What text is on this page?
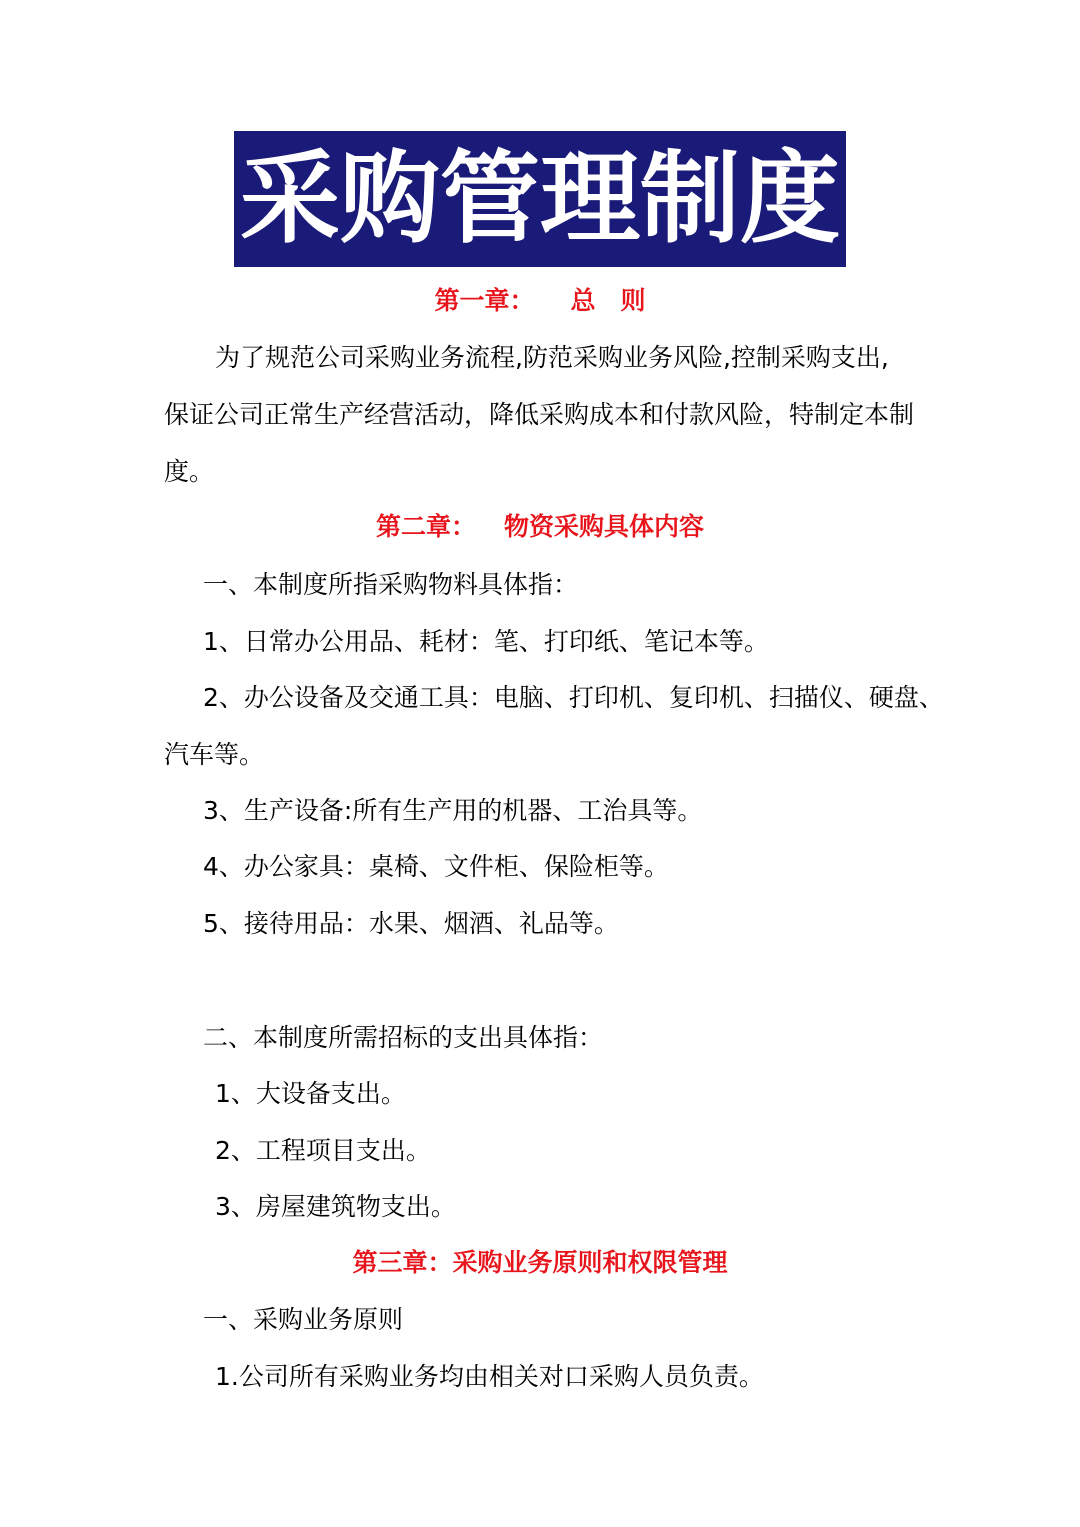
采购管理制度
第一章： 总　则
为了规范公司采购业务流程,防范采购业务风险,控制采购支出,
保证公司正常生产经营活动，降低采购成本和付款风险，特制定本制
度。
第二章： 物资采购具体内容
一、本制度所指采购物料具体指：
1、日常办公用品、耗材：笔、打印纸、笔记本等。
2、办公设备及交通工具：电脑、打印机、复印机、扫描仪、硬盘、
汽车等。
3、生产设备:所有生产用的机器、工治具等。
4、办公家具：桌椅、文件柜、保险柜等。
5、接待用品：水果、烟酒、礼品等。
二、本制度所需招标的支出具体指：
1、大设备支出。
2、工程项目支出。
3、房屋建筑物支出。
第三章：采购业务原则和权限管理
一、采购业务原则
1.公司所有采购业务均由相关对口采购人员负责。
